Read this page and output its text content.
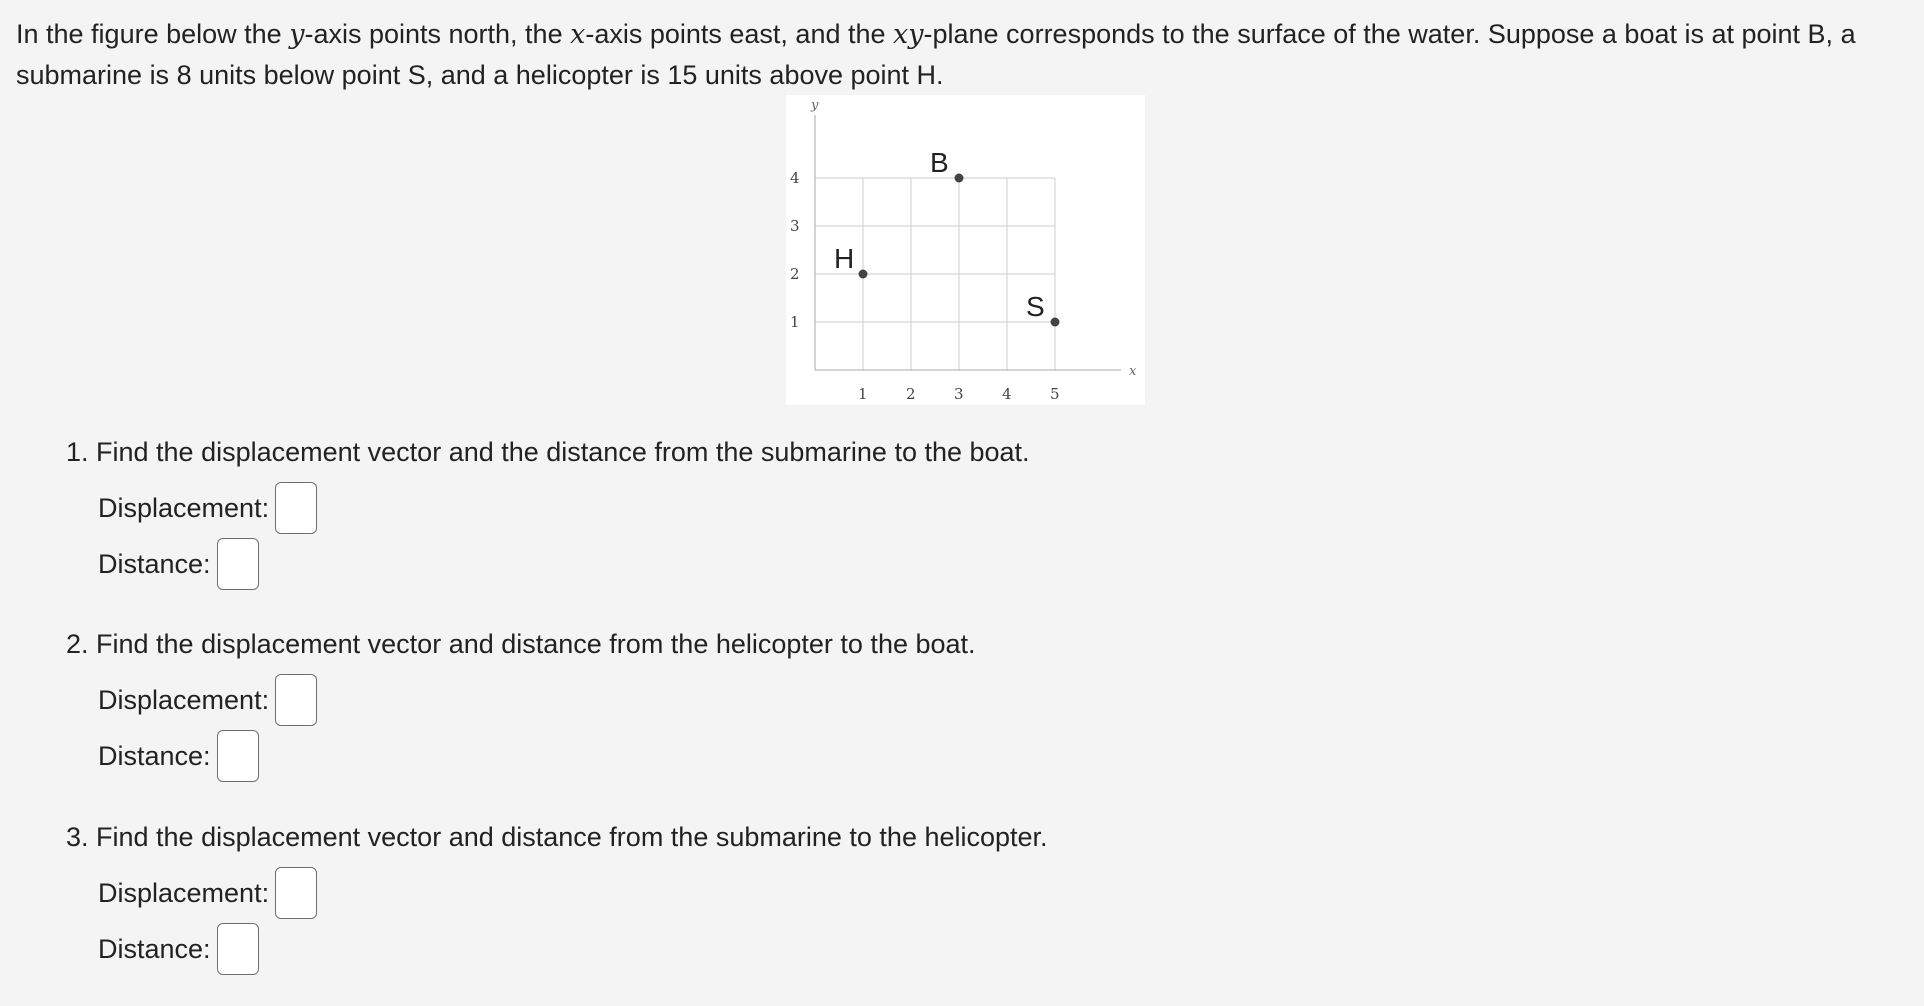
In the figure below the y-axis points north, the x-axis points east, and the xy-plane corresponds to the surface of the water. Suppose a boat is at point B, a submarine is 8 units below point S, and a helicopter is 15 units above point H.
y
x
1	2	3	4	5
1
2
3
4	B
H
S
1. Find the displacement vector and the distance from the submarine to the boat.
Displacement:
Distance:
2. Find the displacement vector and distance from the helicopter to the boat.
Displacement:
Distance:
3. Find the displacement vector and distance from the submarine to the helicopter.
Displacement:
Distance:
